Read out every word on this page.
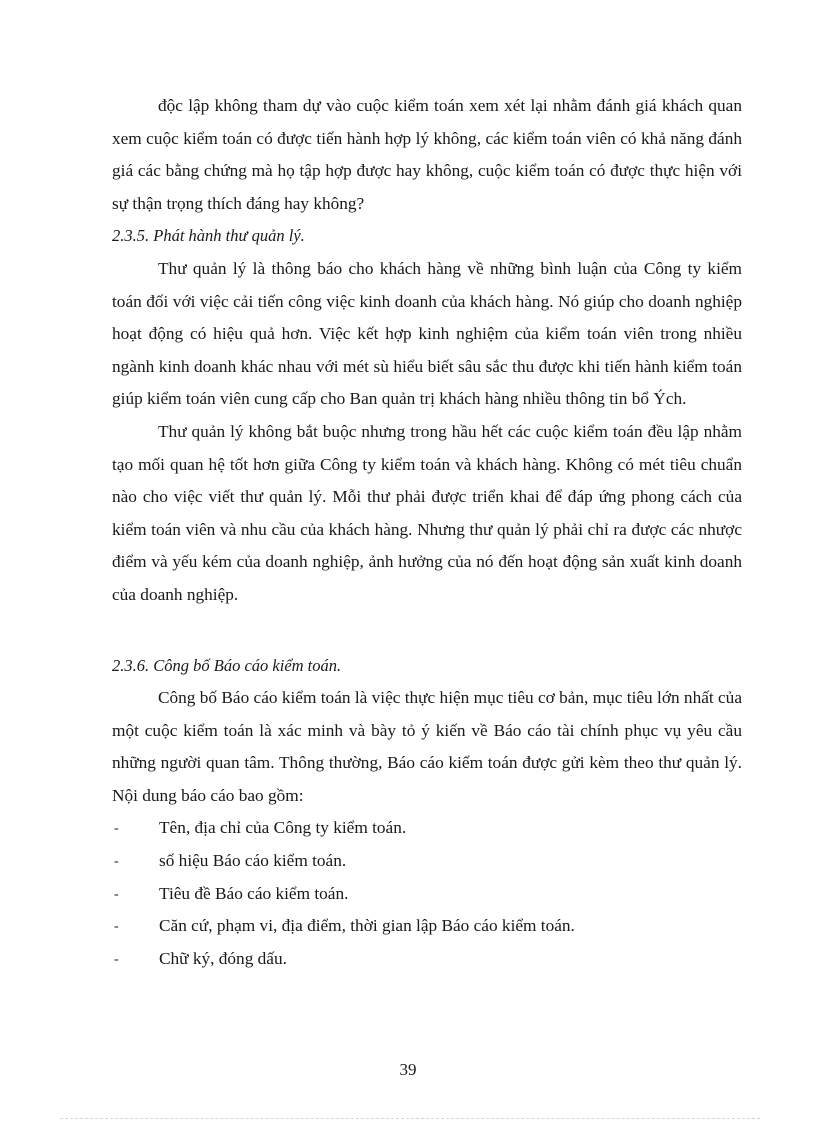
độc lập không tham dự vào cuộc kiểm toán xem xét lại nhằm đánh giá khách quan xem cuộc kiểm toán có được tiến hành hợp lý không, các kiểm toán viên có khả năng đánh giá các bằng chứng mà họ tập hợp được hay không, cuộc kiểm toán có được thực hiện với sự thận trọng thích đáng hay không?

2.3.5. Phát hành thư quản lý.

Thư quản lý là thông báo cho khách hàng về những bình luận của Công ty kiểm toán đối với việc cải tiến công việc kinh doanh của khách hàng. Nó giúp cho doanh nghiệp hoạt động có hiệu quả hơn. Việc kết hợp kinh nghiệm của kiểm toán viên trong nhiều ngành kinh doanh khác nhau với mét sù hiểu biết sâu sắc thu được khi tiến hành kiểm toán giúp kiểm toán viên cung cấp cho Ban quản trị khách hàng nhiều thông tin bổ Ých.

Thư quản lý không bắt buộc nhưng trong hầu hết các cuộc kiểm toán đều lập nhằm tạo mối quan hệ tốt hơn giữa Công ty kiểm toán và khách hàng. Không có mét tiêu chuẩn nào cho việc viết thư quản lý. Mỗi thư phải được triển khai để đáp ứng phong cách của kiểm toán viên và nhu cầu của khách hàng. Nhưng thư quản lý phải chỉ ra được các nhược điểm và yếu kém của doanh nghiệp, ảnh hưởng của nó đến hoạt động sản xuất kinh doanh của doanh nghiệp.

2.3.6. Công bố Báo cáo kiểm toán.

Công bố Báo cáo kiểm toán là việc thực hiện mục tiêu cơ bản, mục tiêu lớn nhất của một cuộc kiểm toán là xác minh và bày tỏ ý kiến về Báo cáo tài chính phục vụ yêu cầu những người quan tâm. Thông thường, Báo cáo kiểm toán được gửi kèm theo thư quản lý. Nội dung báo cáo bao gồm:

- Tên, địa chỉ của Công ty kiểm toán.
- số hiệu Báo cáo kiểm toán.
- Tiêu đề Báo cáo kiểm toán.
- Căn cứ, phạm vi, địa điểm, thời gian lập Báo cáo kiểm toán.
- Chữ ký, đóng dấu.
39
